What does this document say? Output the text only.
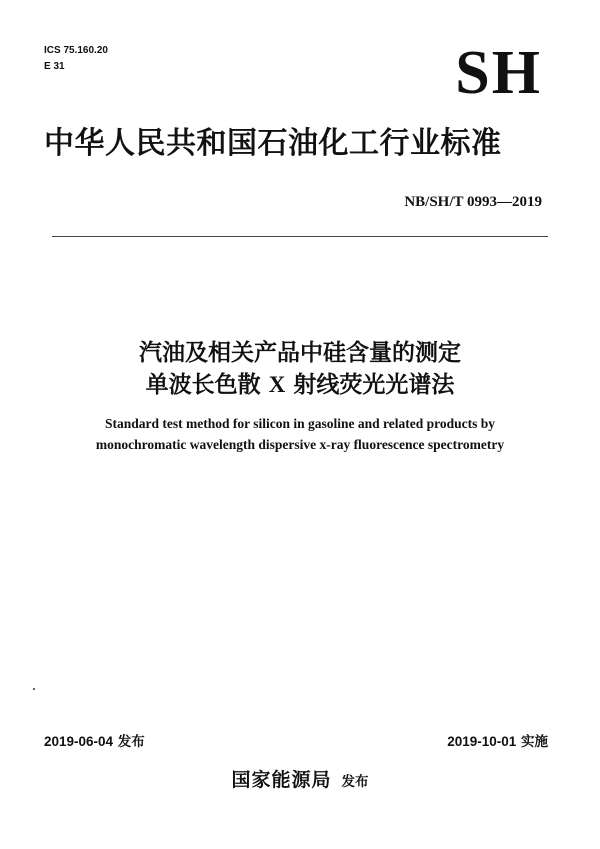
ICS 75.160.20
E 31	SH
中华人民共和国石油化工行业标准
NB/SH/T 0993—2019
汽油及相关产品中硅含量的测定
单波长色散 X 射线荧光光谱法
Standard test method for silicon in gasoline and related products by
monochromatic wavelength dispersive x-ray fluorescence spectrometry
2019-06-04 发布	2019-10-01 实施
国家能源局 发布
